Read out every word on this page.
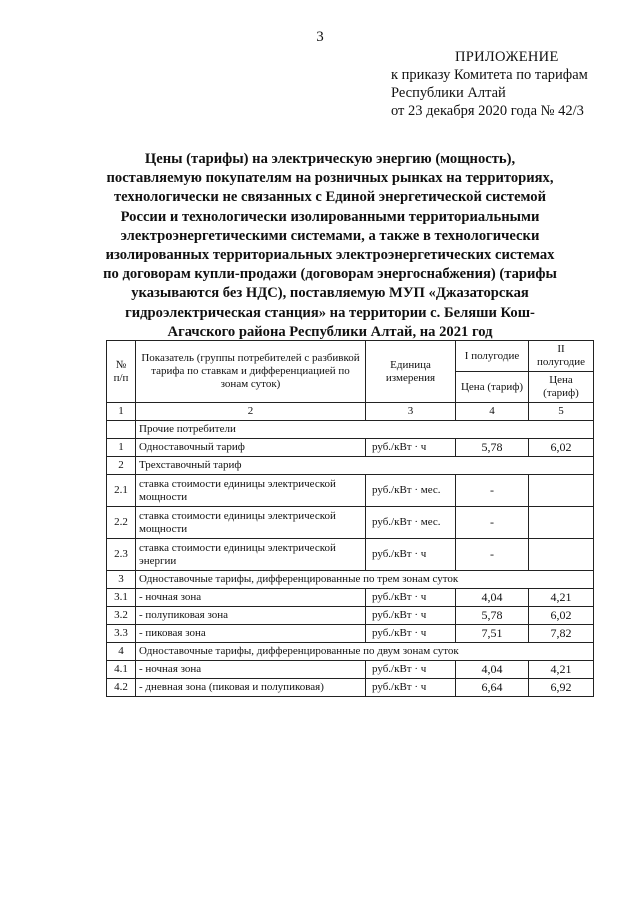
3
ПРИЛОЖЕНИЕ
к приказу Комитета по тарифам
Республики Алтай
от 23 декабря 2020 года № 42/3
Цены (тарифы) на электрическую энергию (мощность),
поставляемую покупателям на розничных рынках на территориях,
технологически не связанных с Единой энергетической системой
России и технологически изолированными территориальными
электроэнергетическими системами, а также в технологически
изолированных территориальных электроэнергетических системах
по договорам купли-продажи (договорам энергоснабжения) (тарифы
указываются без НДС), поставляемую МУП «Джазаторская
гидроэлектрическая станция» на территории с. Беляши Кош-
Агачского района Республики Алтай, на 2021 год
№ п/п	Показатель (группы потребителей с разбивкой тарифа по ставкам и дифференциацией по зонам суток)	Единица измерения	I полугодие	II полугодие
			Цена (тариф)	Цена (тариф)
1	2	3	4	5
	Прочие потребители			
1	Одноставочный тариф	руб./кВт · ч	5,78	6,02
2	Трехставочный тариф			
2.1	ставка стоимости единицы электрической мощности	руб./кВт · мес.	-	
2.2	ставка стоимости единицы электрической мощности	руб./кВт · мес.	-	
2.3	ставка стоимости единицы электрической энергии	руб./кВт · ч	-	
3	Одноставочные тарифы, дифференцированные по трем зонам суток			
3.1	- ночная зона	руб./кВт · ч	4,04	4,21
3.2	- полупиковая зона	руб./кВт · ч	5,78	6,02
3.3	- пиковая зона	руб./кВт · ч	7,51	7,82
4	Одноставочные тарифы, дифференцированные по двум зонам суток			
4.1	- ночная зона	руб./кВт · ч	4,04	4,21
4.2	- дневная зона (пиковая и полупиковая)	руб./кВт · ч	6,64	6,92
